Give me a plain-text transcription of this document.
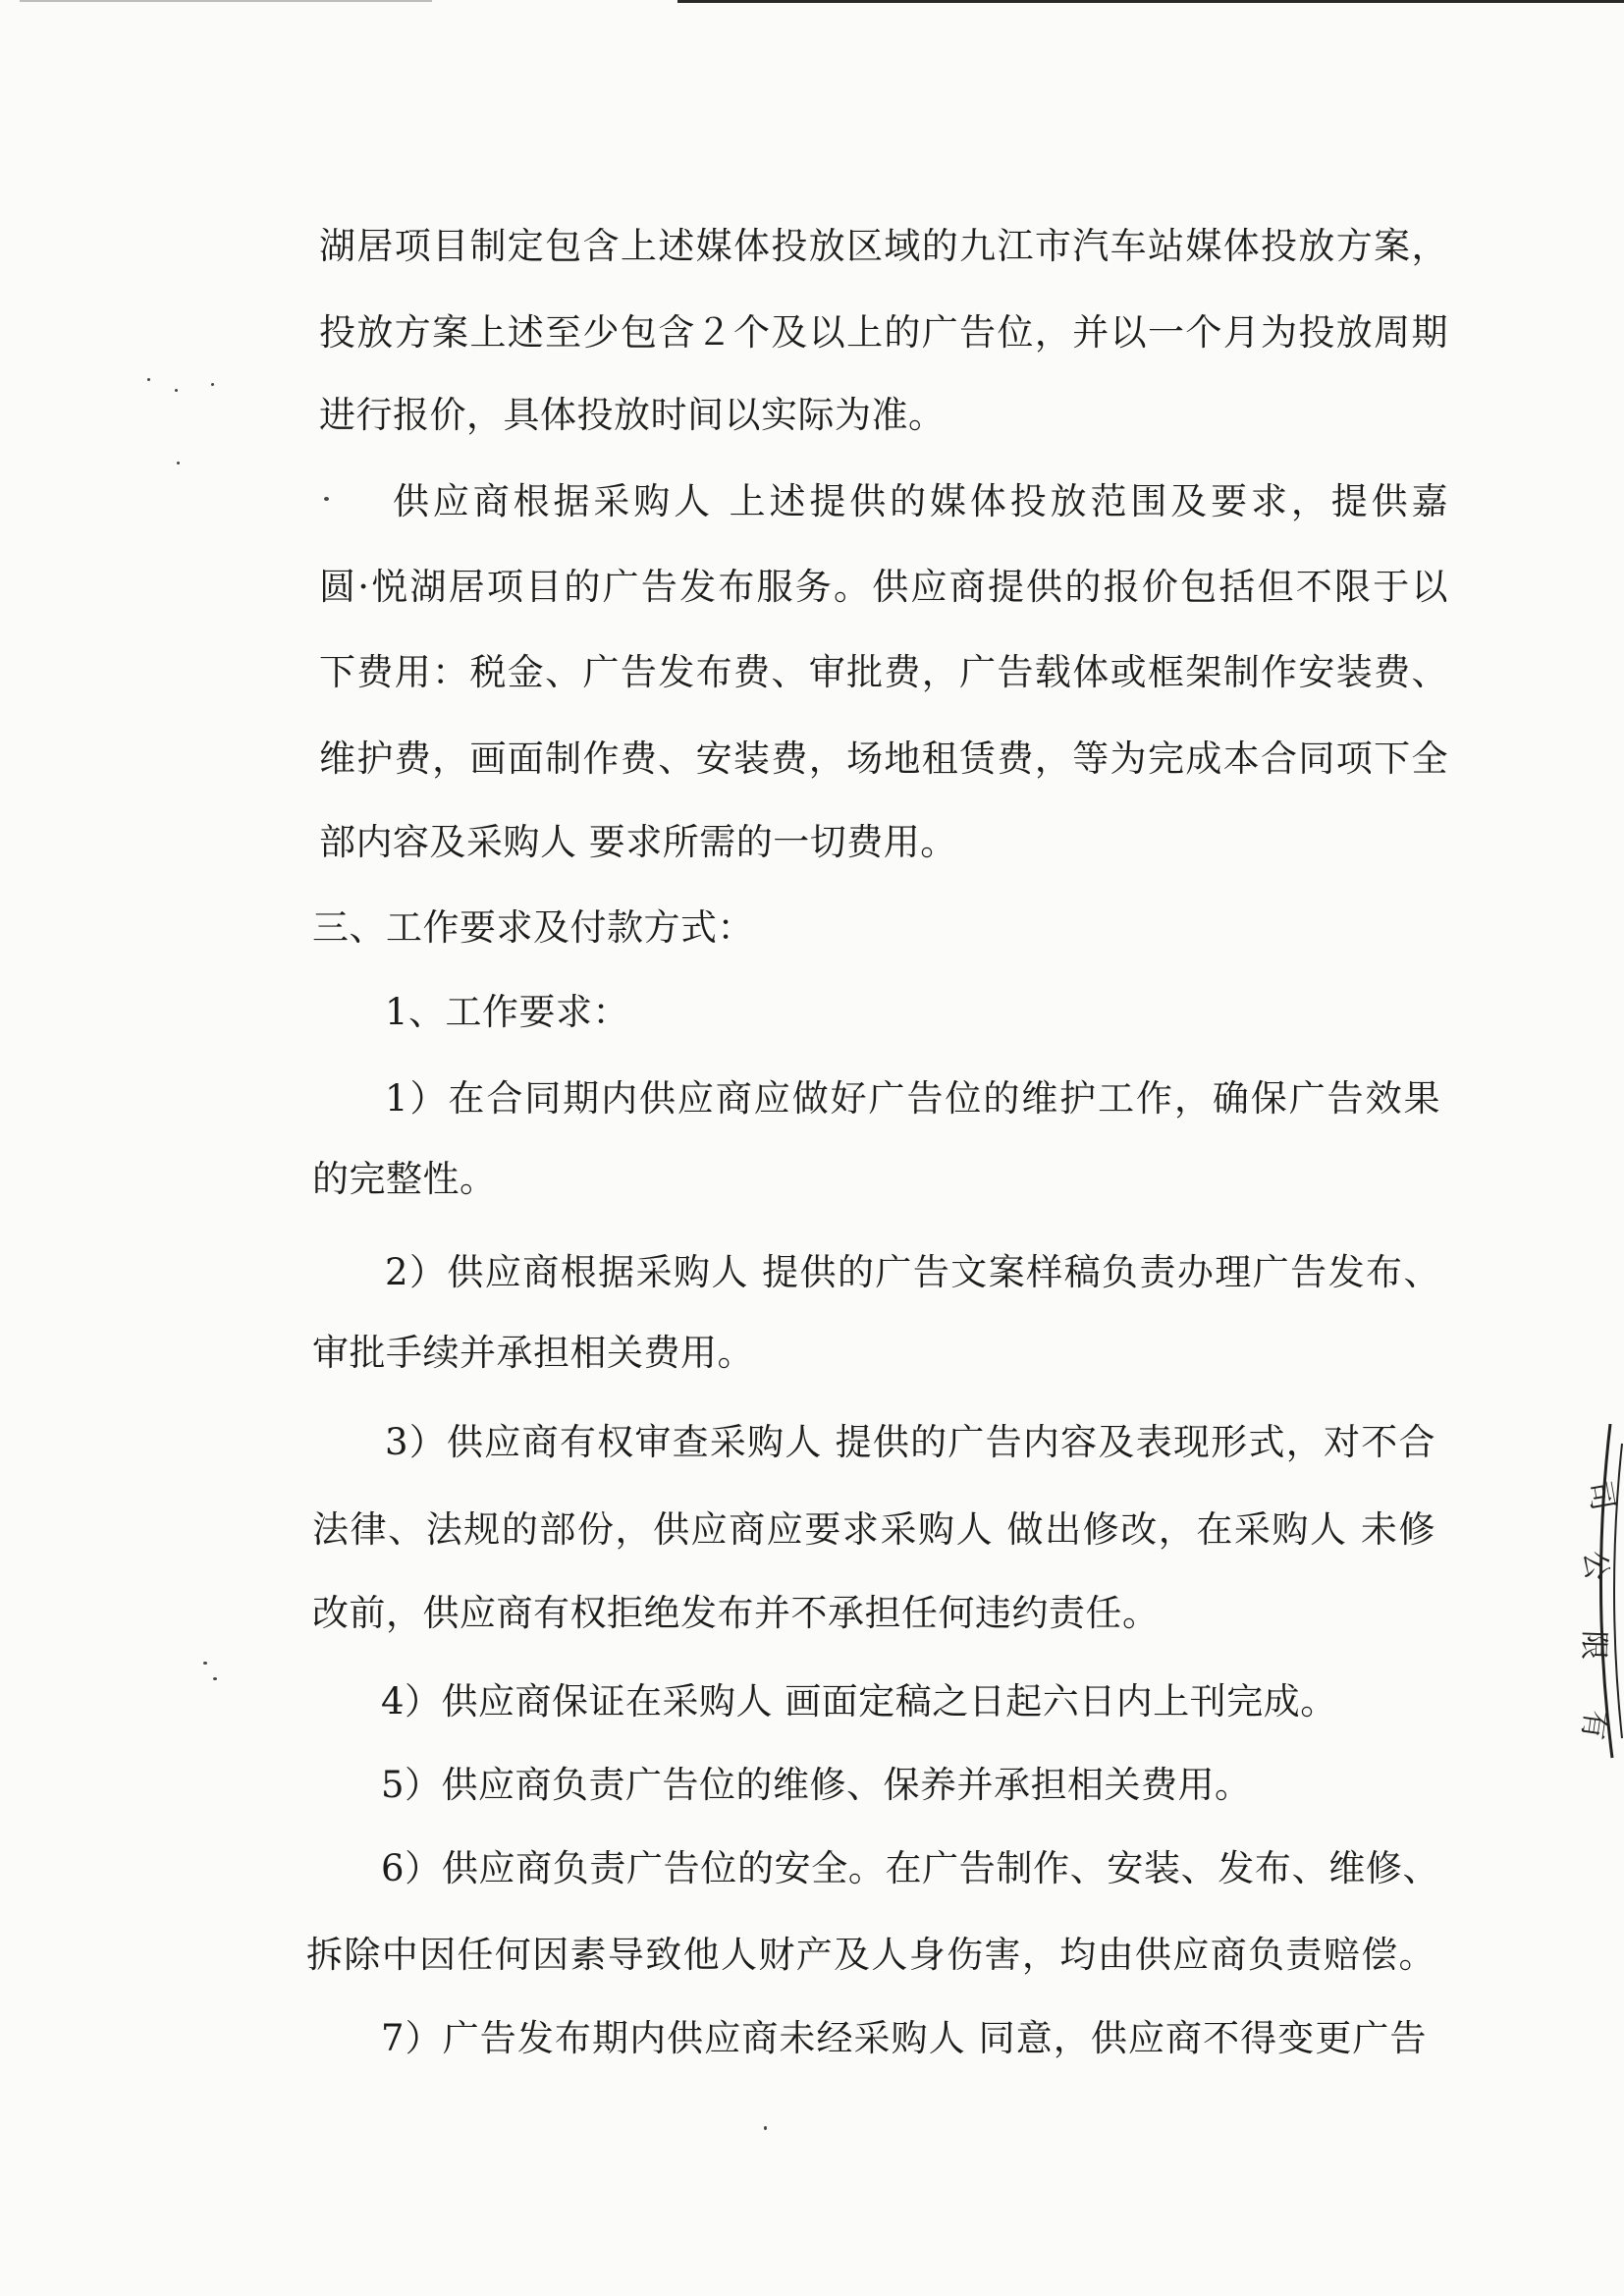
司
公
限
有
湖居项目制定包含上述媒体投放区域的九江市汽车站媒体投放方案，
投放方案上述至少包含２个及以上的广告位，并以一个月为投放周期
进行报价，具体投放时间以实际为准。
供应商根据采购人 上述提供的媒体投放范围及要求，提供嘉
圆·悦湖居项目的广告发布服务。供应商提供的报价包括但不限于以
下费用：税金、广告发布费、审批费，广告载体或框架制作安装费、
维护费，画面制作费、安装费，场地租赁费，等为完成本合同项下全
部内容及采购人 要求所需的一切费用。
三、工作要求及付款方式：
1、工作要求：
1）在合同期内供应商应做好广告位的维护工作，确保广告效果
的完整性。
2）供应商根据采购人 提供的广告文案样稿负责办理广告发布、
审批手续并承担相关费用。
3）供应商有权审查采购人 提供的广告内容及表现形式，对不合
法律、法规的部份，供应商应要求采购人 做出修改，在采购人 未修
改前，供应商有权拒绝发布并不承担任何违约责任。
4）供应商保证在采购人 画面定稿之日起六日内上刊完成。
5）供应商负责广告位的维修、保养并承担相关费用。
6）供应商负责广告位的安全。在广告制作、安装、发布、维修、
拆除中因任何因素导致他人财产及人身伤害，均由供应商负责赔偿。
7）广告发布期内供应商未经采购人 同意，供应商不得变更广告
